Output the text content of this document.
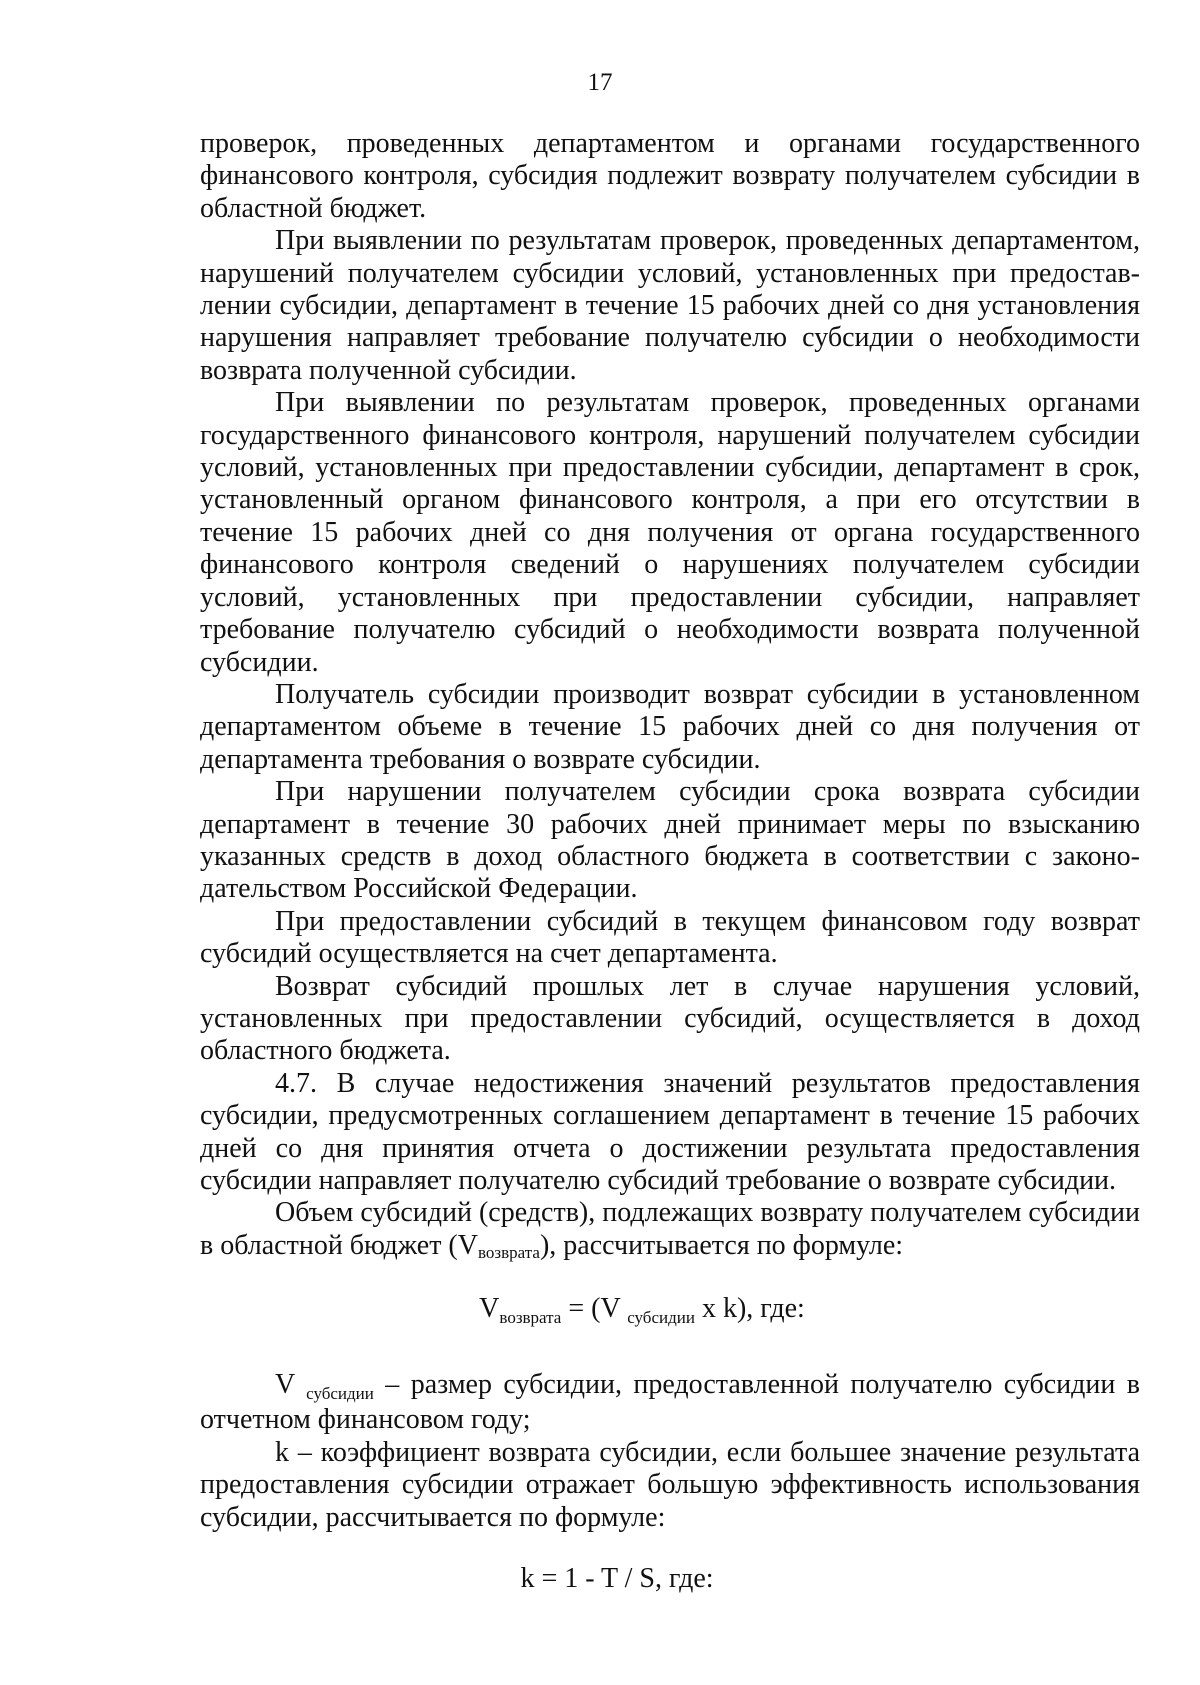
17

проверок, проведенных департаментом и органами государственного финансового контроля, субсидия подлежит возврату получателем субсидии в областной бюджет.

При выявлении по результатам проверок, проведенных департаментом, нарушений получателем субсидии условий, установленных при предоставлении субсидии, департамент в течение 15 рабочих дней со дня установления нарушения направляет требование получателю субсидии о необходимости возврата полученной субсидии.

При выявлении по результатам проверок, проведенных органами государственного финансового контроля, нарушений получателем субсидии условий, установленных при предоставлении субсидии, департамент в срок, установленный органом финансового контроля, а при его отсутствии в течение 15 рабочих дней со дня получения от органа государственного финансового контроля сведений о нарушениях получателем субсидии условий, установленных при предоставлении субсидии, направляет требование получателю субсидий о необходимости возврата полученной субсидии.

Получатель субсидии производит возврат субсидии в установленном департаментом объеме в течение 15 рабочих дней со дня получения от департамента требования о возврате субсидии.

При нарушении получателем субсидии срока возврата субсидии департамент в течение 30 рабочих дней принимает меры по взысканию указанных средств в доход областного бюджета в соответствии с законодательством Российской Федерации.

При предоставлении субсидий в текущем финансовом году возврат субсидий осуществляется на счет департамента.

Возврат субсидий прошлых лет в случае нарушения условий, установленных при предоставлении субсидий, осуществляется в доход областного бюджета.

4.7. В случае недостижения значений результатов предоставления субсидии, предусмотренных соглашением департамент в течение 15 рабочих дней со дня принятия отчета о достижении результата предоставления субсидии направляет получателю субсидий требование о возврате субсидии.

Объем субсидий (средств), подлежащих возврату получателем субсидии в областной бюджет (Vвозврата), рассчитывается по формуле:

$V_{возврата} = (V$ $_{субсидии}$ x k), где:

V $_{субсидии}$ – размер субсидии, предоставленной получателю субсидии в отчетном финансовом году;

k – коэффициент возврата субсидии, если большее значение результата предоставления субсидии отражает большую эффективность использования субсидии, рассчитывается по формуле:

k = 1 - T / S, где:
